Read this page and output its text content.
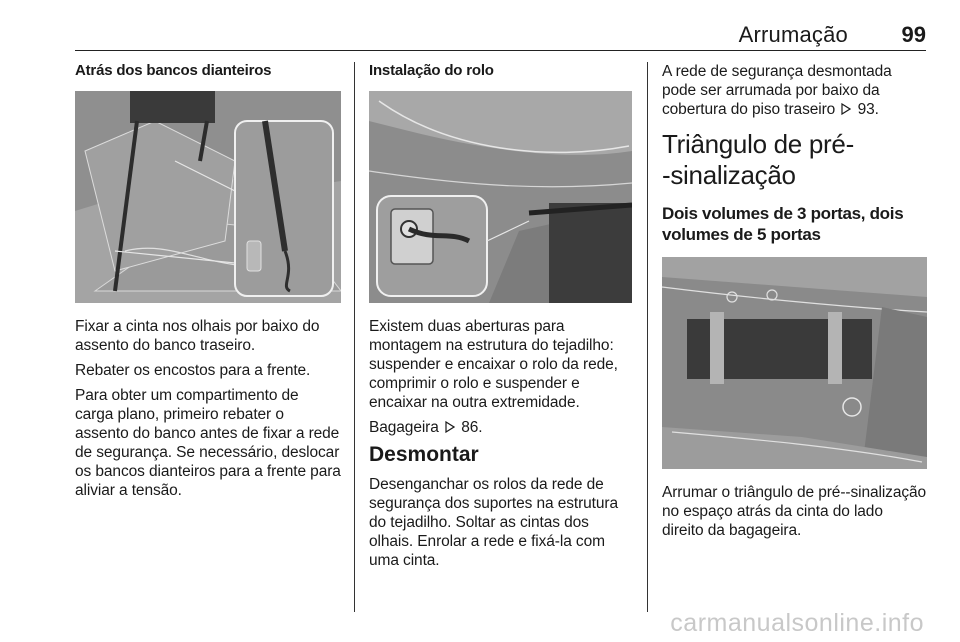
Arrumação 99
Atrás dos bancos dianteiros

Fixar a cinta nos olhais por baixo do assento do banco traseiro.

Rebater os encostos para a frente.

Para obter um compartimento de carga plano, primeiro rebater o assento do banco antes de fixar a rede de segurança. Se necessário, deslocar os bancos dianteiros para a frente para aliviar a tensão.

Instalação do rolo

Existem duas aberturas para montagem na estrutura do tejadilho: suspender e encaixar o rolo da rede, comprimir o rolo e suspender e encaixar na outra extremidade.

Bagageira 86.

Desmontar

Desenganchar os rolos da rede de segurança dos suportes na estrutura do tejadilho. Soltar as cintas dos olhais. Enrolar a rede e fixá-la com uma cinta.

A rede de segurança desmontada pode ser arrumada por baixo da cobertura do piso traseiro 93.

Triângulo de pré-
-sinalização
Dois volumes de 3 portas, dois volumes de 5 portas

Arrumar o triângulo de pré--sinalização no espaço atrás da cinta do lado direito da bagageira.

carmanualsonline.info
